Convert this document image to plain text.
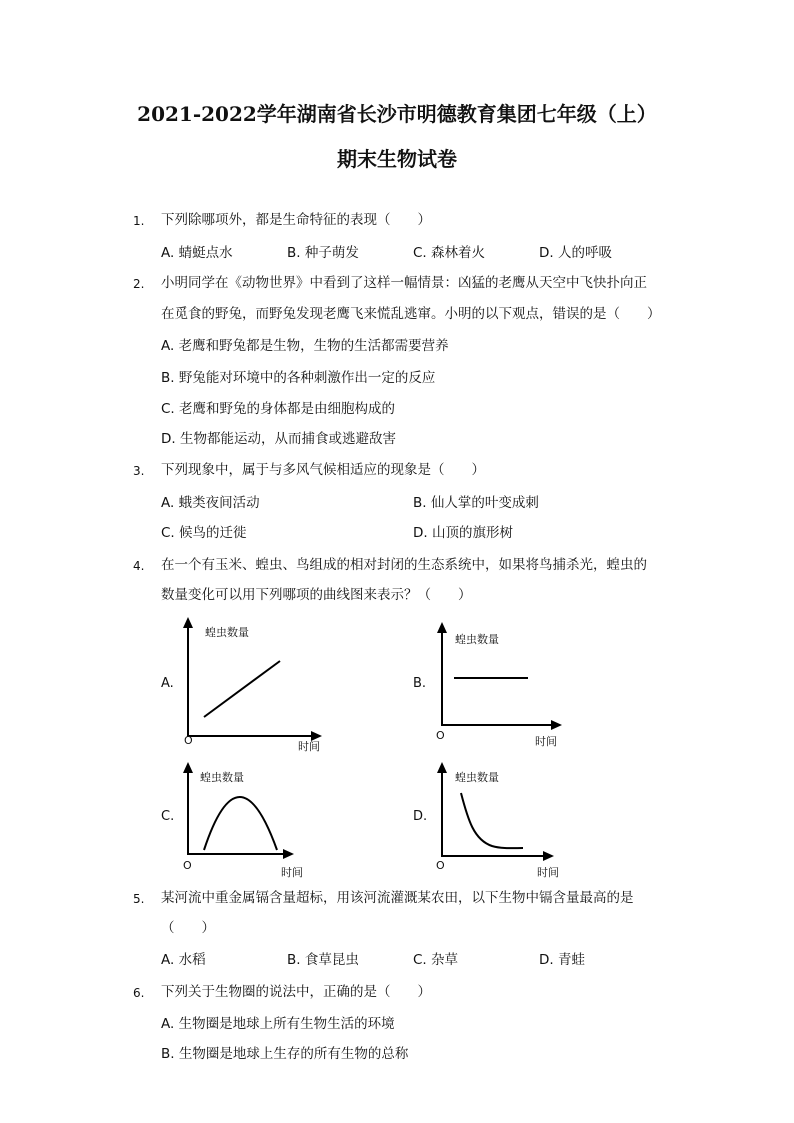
2021-2022学年湖南省长沙市明德教育集团七年级（上）
期末生物试卷
1. 下列除哪项外，都是生命特征的表现（　　）
A. 蜻蜓点水	B. 种子萌发	C. 森林着火	D. 人的呼吸
2. 小明同学在《动物世界》中看到了这样一幅情景：凶猛的老鹰从天空中飞快扑向正
在觅食的野兔，而野兔发现老鹰飞来慌乱逃窜。小明的以下观点，错误的是（　　）
A. 老鹰和野兔都是生物，生物的生活都需要营养
B. 野兔能对环境中的各种刺激作出一定的反应
C. 老鹰和野兔的身体都是由细胞构成的
D. 生物都能运动，从而捕食或逃避敌害
3. 下列现象中，属于与多风气候相适应的现象是（　　）
A. 蛾类夜间活动	B. 仙人掌的叶变成刺
C. 候鸟的迁徙	D. 山顶的旗形树
4. 在一个有玉米、蝗虫、鸟组成的相对封闭的生态系统中，如果将鸟捕杀光，蝗虫的
数量变化可以用下列哪项的曲线图来表示？（　　）
A.
蝗虫数量
O	时间
B.
蝗虫数量
O	时间
C.
蝗虫数量
O
时间
D.
蝗虫数量
O
时间
5. 某河流中重金属镉含量超标，用该河流灌溉某农田，以下生物中镉含量最高的是
（　　）
A. 水稻	B. 食草昆虫	C. 杂草	D. 青蛙
6. 下列关于生物圈的说法中，正确的是（　　）
A. 生物圈是地球上所有生物生活的环境
B. 生物圈是地球上生存的所有生物的总称
